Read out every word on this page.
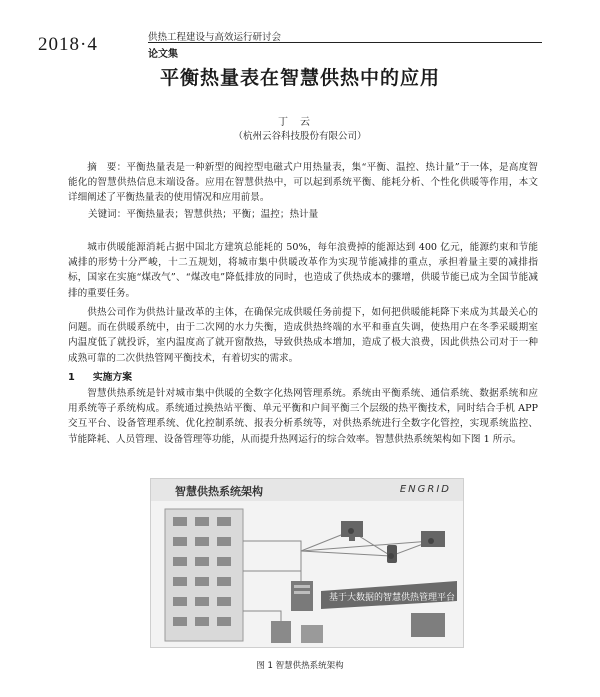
2018·4	供热工程建设与高效运行研讨会
论文集
平衡热量表在智慧供热中的应用
丁云
（杭州云谷科技股份有限公司）

摘　要：平衡热量表是一种新型的阀控型电磁式户用热量表，集“平衡、温控、热计量”于一体，是高度智能化的智慧供热信息末端设备。应用在智慧供热中，可以起到系统平衡、能耗分析、个性化供暖等作用，本文详细阐述了平衡热量表的使用情况和应用前景。

关键词：平衡热量表；智慧供热；平衡；温控；热计量

城市供暖能源消耗占据中国北方建筑总能耗的 50%，每年浪费掉的能源达到 400 亿元，能源约束和节能减排的形势十分严峻，十二五规划，将城市集中供暖改革作为实现节能减排的重点，承担着量主要的减排指标，国家在实施“煤改气”、“煤改电”降低排放的同时，也造成了供热成本的骤增，供暖节能已成为全国节能减排的重要任务。

供热公司作为供热计量改革的主体，在确保完成供暖任务前提下，如何把供暖能耗降下来成为其最关心的问题。而在供暖系统中，由于二次网的水力失衡，造成供热终端的水平和垂直失调，使热用户在冬季采暖期室内温度低了就投诉，室内温度高了就开窗散热，导致供热成本增加，造成了极大浪费，因此供热公司对于一种成熟可靠的二次供热管网平衡技术，有着切实的需求。

1 实施方案

智慧供热系统是针对城市集中供暖的全数字化热网管理系统。系统由平衡系统、通信系统、数据系统和应用系统等子系统构成。系统通过换热站平衡、单元平衡和户间平衡三个层级的热平衡技术，同时结合手机 APP 交互平台、设备管理系统、优化控制系统、报表分析系统等，对供热系统进行全数字化管控，实现系统监控、节能降耗、人员管理、设备管理等功能，从而提升热网运行的综合效率。智慧供热系统架构如下图 1 所示。

智慧供热系统架构	ENGRID
基于大数据的智慧供热管理平台
图 1 智慧供热系统架构
